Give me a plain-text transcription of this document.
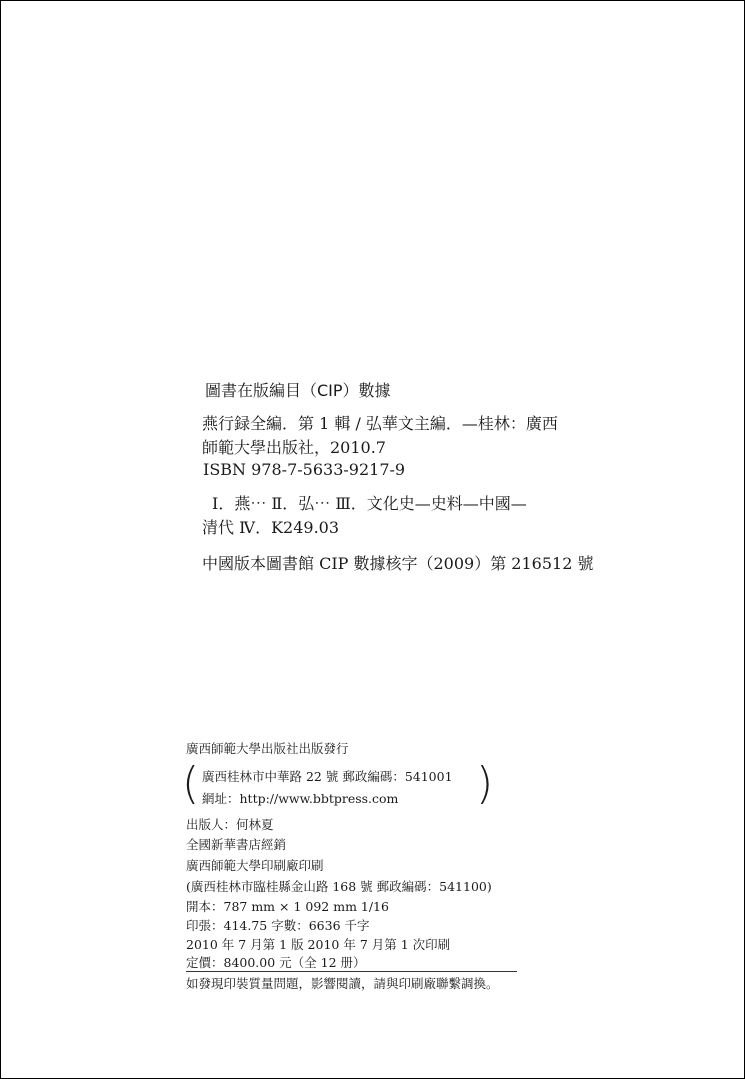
圖書在版編目（CIP）數據
燕行録全編．第 1 輯 / 弘華文主編．—桂林：廣西
師範大學出版社，2010.7
ISBN 978-7-5633-9217-9
Ⅰ．燕⋯ Ⅱ．弘⋯ Ⅲ．文化史—史料—中國—
清代 Ⅳ．K249.03
中國版本圖書館 CIP 數據核字（2009）第 216512 號
廣西師範大學出版社出版發行
( 廣西桂林市中華路 22 號 郵政編碼：541001
網址：http://www.bbtpress.com )
出版人：何林夏
全國新華書店經銷
廣西師範大學印刷廠印刷
(廣西桂林市臨桂縣金山路 168 號 郵政編碼：541100)
開本：787 mm × 1 092 mm 1/16
印張：414.75 字數：6636 千字
2010 年 7 月第 1 版 2010 年 7 月第 1 次印刷
定價：8400.00 元（全 12 册）
如發現印裝質量問題，影響閱讀，請與印刷廠聯繫調換。
